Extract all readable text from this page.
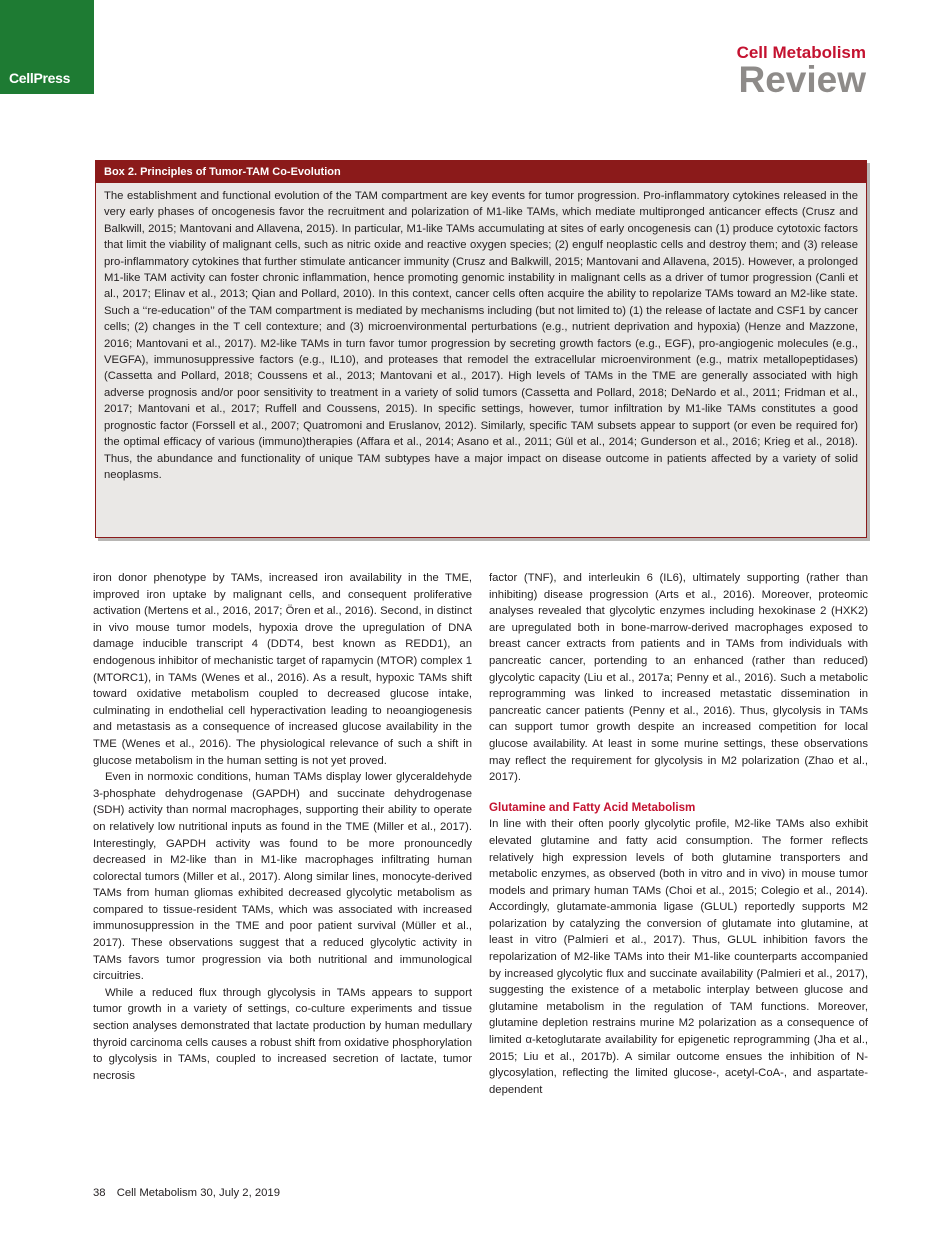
CellPress
Cell Metabolism
Review
Box 2. Principles of Tumor-TAM Co-Evolution
The establishment and functional evolution of the TAM compartment are key events for tumor progression. Pro-inflammatory cytokines released in the very early phases of oncogenesis favor the recruitment and polarization of M1-like TAMs, which mediate multipronged anticancer effects (Crusz and Balkwill, 2015; Mantovani and Allavena, 2015). In particular, M1-like TAMs accumulating at sites of early oncogenesis can (1) produce cytotoxic factors that limit the viability of malignant cells, such as nitric oxide and reactive oxygen species; (2) engulf neoplastic cells and destroy them; and (3) release pro-inflammatory cytokines that further stimulate anticancer immunity (Crusz and Balkwill, 2015; Mantovani and Allavena, 2015). However, a prolonged M1-like TAM activity can foster chronic inflammation, hence promoting genomic instability in malignant cells as a driver of tumor progression (Canli et al., 2017; Elinav et al., 2013; Qian and Pollard, 2010). In this context, cancer cells often acquire the ability to repolarize TAMs toward an M2-like state. Such a ‘‘re-education’’ of the TAM compartment is mediated by mechanisms including (but not limited to) (1) the release of lactate and CSF1 by cancer cells; (2) changes in the T cell contexture; and (3) microenvironmental perturbations (e.g., nutrient deprivation and hypoxia) (Henze and Mazzone, 2016; Mantovani et al., 2017). M2-like TAMs in turn favor tumor progression by secreting growth factors (e.g., EGF), pro-angiogenic molecules (e.g., VEGFA), immunosuppressive factors (e.g., IL10), and proteases that remodel the extracellular microenvironment (e.g., matrix metallopeptidases) (Cassetta and Pollard, 2018; Coussens et al., 2013; Mantovani et al., 2017). High levels of TAMs in the TME are generally associated with high adverse prognosis and/or poor sensitivity to treatment in a variety of solid tumors (Cassetta and Pollard, 2018; DeNardo et al., 2011; Fridman et al., 2017; Mantovani et al., 2017; Ruffell and Coussens, 2015). In specific settings, however, tumor infiltration by M1-like TAMs constitutes a good prognostic factor (Forssell et al., 2007; Quatromoni and Eruslanov, 2012). Similarly, specific TAM subsets appear to support (or even be required for) the optimal efficacy of various (immuno)therapies (Affara et al., 2014; Asano et al., 2011; Gül et al., 2014; Gunderson et al., 2016; Krieg et al., 2018). Thus, the abundance and functionality of unique TAM subtypes have a major impact on disease outcome in patients affected by a variety of solid neoplasms.

iron donor phenotype by TAMs, increased iron availability in the TME, improved iron uptake by malignant cells, and consequent proliferative activation (Mertens et al., 2016, 2017; Ören et al., 2016). Second, in distinct in vivo mouse tumor models, hypoxia drove the upregulation of DNA damage inducible transcript 4 (DDT4, best known as REDD1), an endogenous inhibitor of mechanistic target of rapamycin (MTOR) complex 1 (MTORC1), in TAMs (Wenes et al., 2016). As a result, hypoxic TAMs shift toward oxidative metabolism coupled to decreased glucose intake, culminating in endothelial cell hyperactivation leading to neoangiogenesis and metastasis as a consequence of increased glucose availability in the TME (Wenes et al., 2016). The physiological relevance of such a shift in glucose metabolism in the human setting is not yet proved.

Even in normoxic conditions, human TAMs display lower glyceraldehyde 3-phosphate dehydrogenase (GAPDH) and succinate dehydrogenase (SDH) activity than normal macrophages, supporting their ability to operate on relatively low nutritional inputs as found in the TME (Miller et al., 2017). Interestingly, GAPDH activity was found to be more pronouncedly decreased in M2-like than in M1-like macrophages infiltrating human colorectal tumors (Miller et al., 2017). Along similar lines, monocyte-derived TAMs from human gliomas exhibited decreased glycolytic metabolism as compared to tissue-resident TAMs, which was associated with increased immunosuppression in the TME and poor patient survival (Müller et al., 2017). These observations suggest that a reduced glycolytic activity in TAMs favors tumor progression via both nutritional and immunological circuitries.

While a reduced flux through glycolysis in TAMs appears to support tumor growth in a variety of settings, co-culture experiments and tissue section analyses demonstrated that lactate production by human medullary thyroid carcinoma cells causes a robust shift from oxidative phosphorylation to glycolysis in TAMs, coupled to increased secretion of lactate, tumor necrosis

factor (TNF), and interleukin 6 (IL6), ultimately supporting (rather than inhibiting) disease progression (Arts et al., 2016). Moreover, proteomic analyses revealed that glycolytic enzymes including hexokinase 2 (HXK2) are upregulated both in bone-marrow-derived macrophages exposed to breast cancer extracts from patients and in TAMs from individuals with pancreatic cancer, portending to an enhanced (rather than reduced) glycolytic capacity (Liu et al., 2017a; Penny et al., 2016). Such a metabolic reprogramming was linked to increased metastatic dissemination in pancreatic cancer patients (Penny et al., 2016). Thus, glycolysis in TAMs can support tumor growth despite an increased competition for local glucose availability. At least in some murine settings, these observations may reflect the requirement for glycolysis in M2 polarization (Zhao et al., 2017).

Glutamine and Fatty Acid Metabolism

In line with their often poorly glycolytic profile, M2-like TAMs also exhibit elevated glutamine and fatty acid consumption. The former reflects relatively high expression levels of both glutamine transporters and metabolic enzymes, as observed (both in vitro and in vivo) in mouse tumor models and primary human TAMs (Choi et al., 2015; Colegio et al., 2014). Accordingly, glutamate-ammonia ligase (GLUL) reportedly supports M2 polarization by catalyzing the conversion of glutamate into glutamine, at least in vitro (Palmieri et al., 2017). Thus, GLUL inhibition favors the repolarization of M2-like TAMs into their M1-like counterparts accompanied by increased glycolytic flux and succinate availability (Palmieri et al., 2017), suggesting the existence of a metabolic interplay between glucose and glutamine metabolism in the regulation of TAM functions. Moreover, glutamine depletion restrains murine M2 polarization as a consequence of limited α-ketoglutarate availability for epigenetic reprogramming (Jha et al., 2015; Liu et al., 2017b). A similar outcome ensues the inhibition of N-glycosylation, reflecting the limited glucose-, acetyl-CoA-, and aspartate-dependent

38 Cell Metabolism 30, July 2, 2019
